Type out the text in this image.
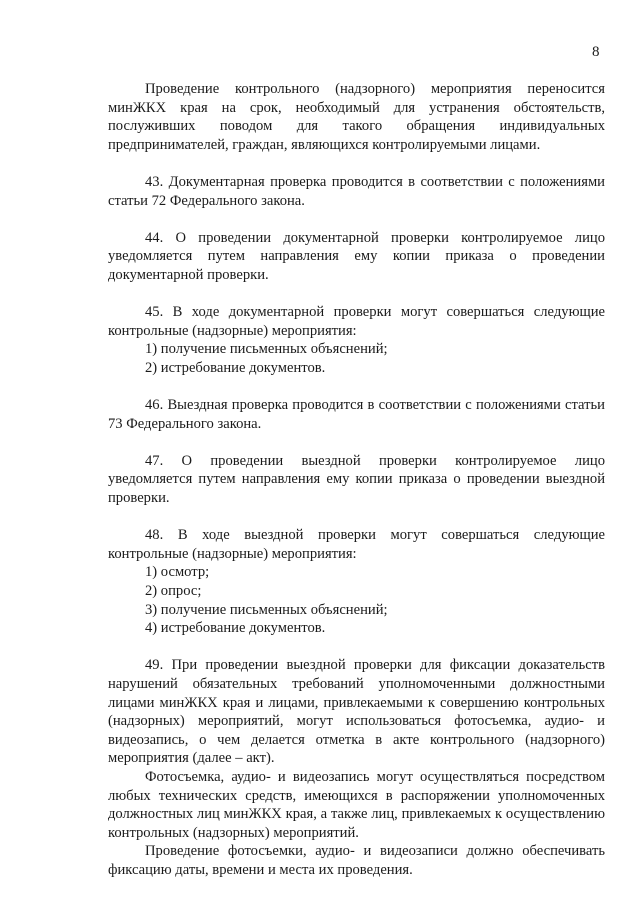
8

Проведение контрольного (надзорного) мероприятия переносится минЖКХ края на срок, необходимый для устранения обстоятельств, послуживших поводом для такого обращения индивидуальных предпринимателей, граждан, являющихся контролируемыми лицами.

43. Документарная проверка проводится в соответствии с положениями статьи 72 Федерального закона.

44. О проведении документарной проверки контролируемое лицо уведомляется путем направления ему копии приказа о проведении документарной проверки.

45. В ходе документарной проверки могут совершаться следующие контрольные (надзорные) мероприятия:

1) получение письменных объяснений;

2) истребование документов.

46. Выездная проверка проводится в соответствии с положениями статьи 73 Федерального закона.

47. О проведении выездной проверки контролируемое лицо уведомляется путем направления ему копии приказа о проведении выездной проверки.

48. В ходе выездной проверки могут совершаться следующие контрольные (надзорные) мероприятия:

1) осмотр;

2) опрос;

3) получение письменных объяснений;

4) истребование документов.

49. При проведении выездной проверки для фиксации доказательств нарушений обязательных требований уполномоченными должностными лицами минЖКХ края и лицами, привлекаемыми к совершению контрольных (надзорных) мероприятий, могут использоваться фотосъемка, аудио- и видеозапись, о чем делается отметка в акте контрольного (надзорного) мероприятия (далее – акт).

Фотосъемка, аудио- и видеозапись могут осуществляться посредством любых технических средств, имеющихся в распоряжении уполномоченных должностных лиц минЖКХ края, а также лиц, привлекаемых к осуществлению контрольных (надзорных) мероприятий.

Проведение фотосъемки, аудио- и видеозаписи должно обеспечивать фиксацию даты, времени и места их проведения.
